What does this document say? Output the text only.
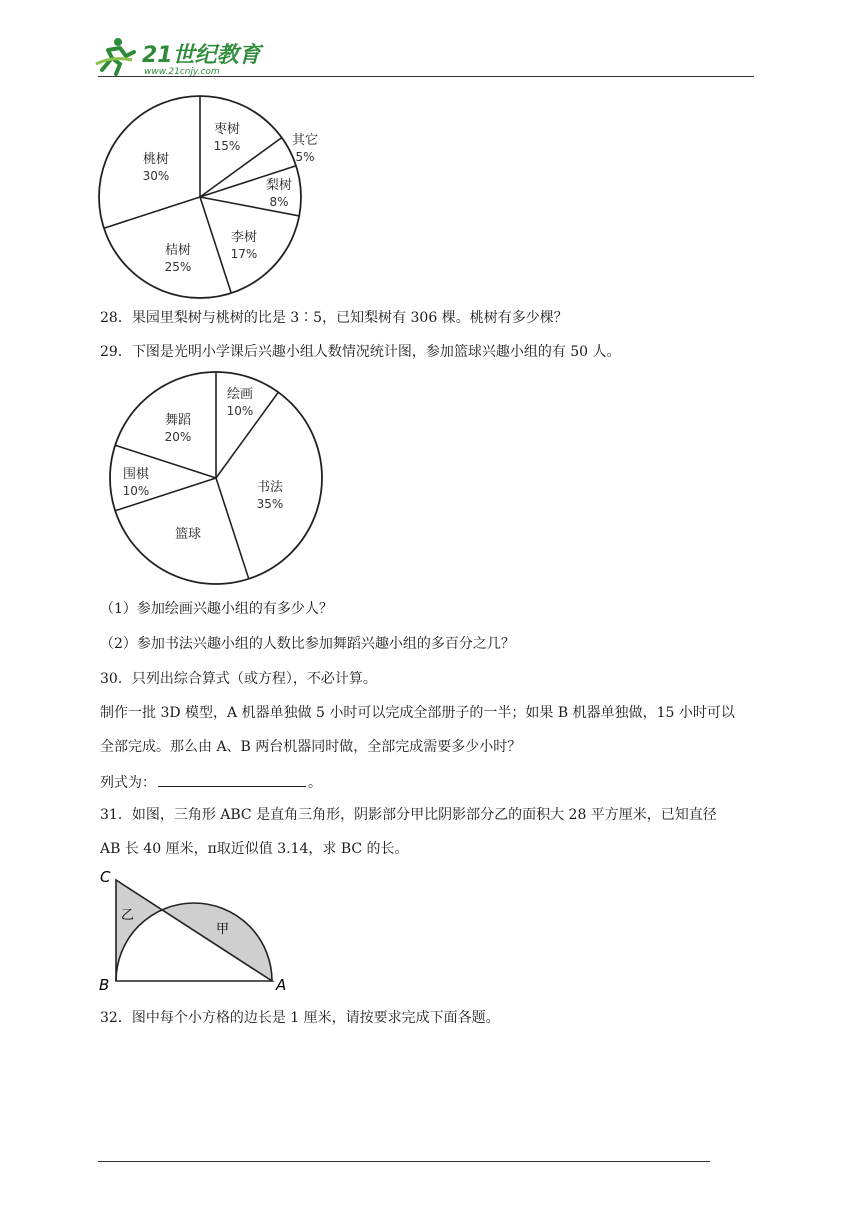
21世纪教育
www.21cnjy.com
枣树
15%	其它
5%
梨树
8%
李树
17%
桔树
25%
桃树
30%
28．果园里梨树与桃树的比是 3∶5，已知梨树有 306 棵。桃树有多少棵？
29．下图是光明小学课后兴趣小组人数情况统计图，参加篮球兴趣小组的有 50 人。
绘画
10%
书法
35%
篮球
围棋
10%
舞蹈
20%
（1）参加绘画兴趣小组的有多少人？
（2）参加书法兴趣小组的人数比参加舞蹈兴趣小组的多百分之几？
30．只列出综合算式（或方程），不必计算。
制作一批 3D 模型，A 机器单独做 5 小时可以完成全部册子的一半；如果 B 机器单独做，15 小时可以
全部完成。那么由 A、B 两台机器同时做，全部完成需要多少小时？
列式为：	。
31．如图，三角形 ABC 是直角三角形，阴影部分甲比阴影部分乙的面积大 28 平方厘米，已知直径
AB 长 40 厘米，π取近似值 3.14，求 BC 的长。
C
B	A
乙
甲
32．图中每个小方格的边长是 1 厘米，请按要求完成下面各题。
